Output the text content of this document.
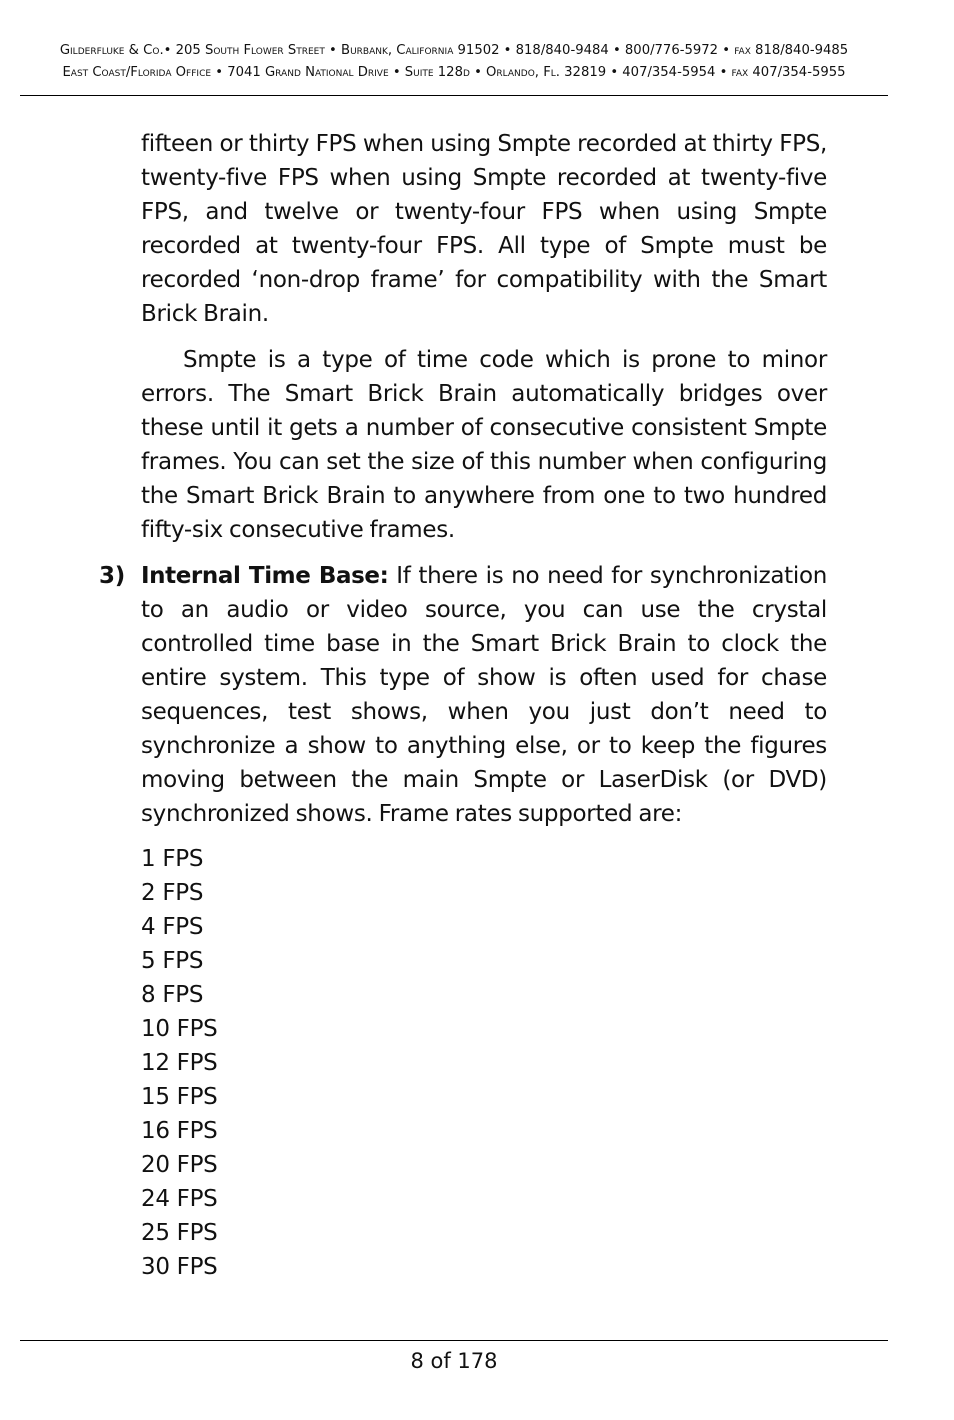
Gilderfluke & Co.• 205 South Flower Street • Burbank, California 91502 • 818/840-9484 • 800/776-5972 • fax 818/840-9485
East Coast/Florida Office • 7041 Grand National Drive • Suite 128d • Orlando, Fl. 32819 • 407/354-5954 • fax 407/354-5955

fifteen or thirty FPS when using Smpte recorded at thirty FPS, twenty-five FPS when using Smpte recorded at twenty-five FPS, and twelve or twenty-four FPS when using Smpte recorded at twenty-four FPS. All type of Smpte must be recorded ‘non-drop frame’ for compatibility with the Smart Brick Brain.

Smpte is a type of time code which is prone to minor errors. The Smart Brick Brain automatically bridges over these until it gets a number of consecutive consistent Smpte frames. You can set the size of this number when configuring the Smart Brick Brain to anywhere from one to two hundred fifty-six consecutive frames.

3) Internal Time Base: If there is no need for synchronization to an audio or video source, you can use the crystal controlled time base in the Smart Brick Brain to clock the entire system. This type of show is often used for chase sequences, test shows, when you just don’t need to synchronize a show to anything else, or to keep the figures moving between the main Smpte or LaserDisk (or DVD) synchronized shows. Frame rates supported are:

1 FPS
2 FPS
4 FPS
5 FPS
8 FPS
10 FPS
12 FPS
15 FPS
16 FPS
20 FPS
24 FPS
25 FPS
30 FPS
8 of 178
